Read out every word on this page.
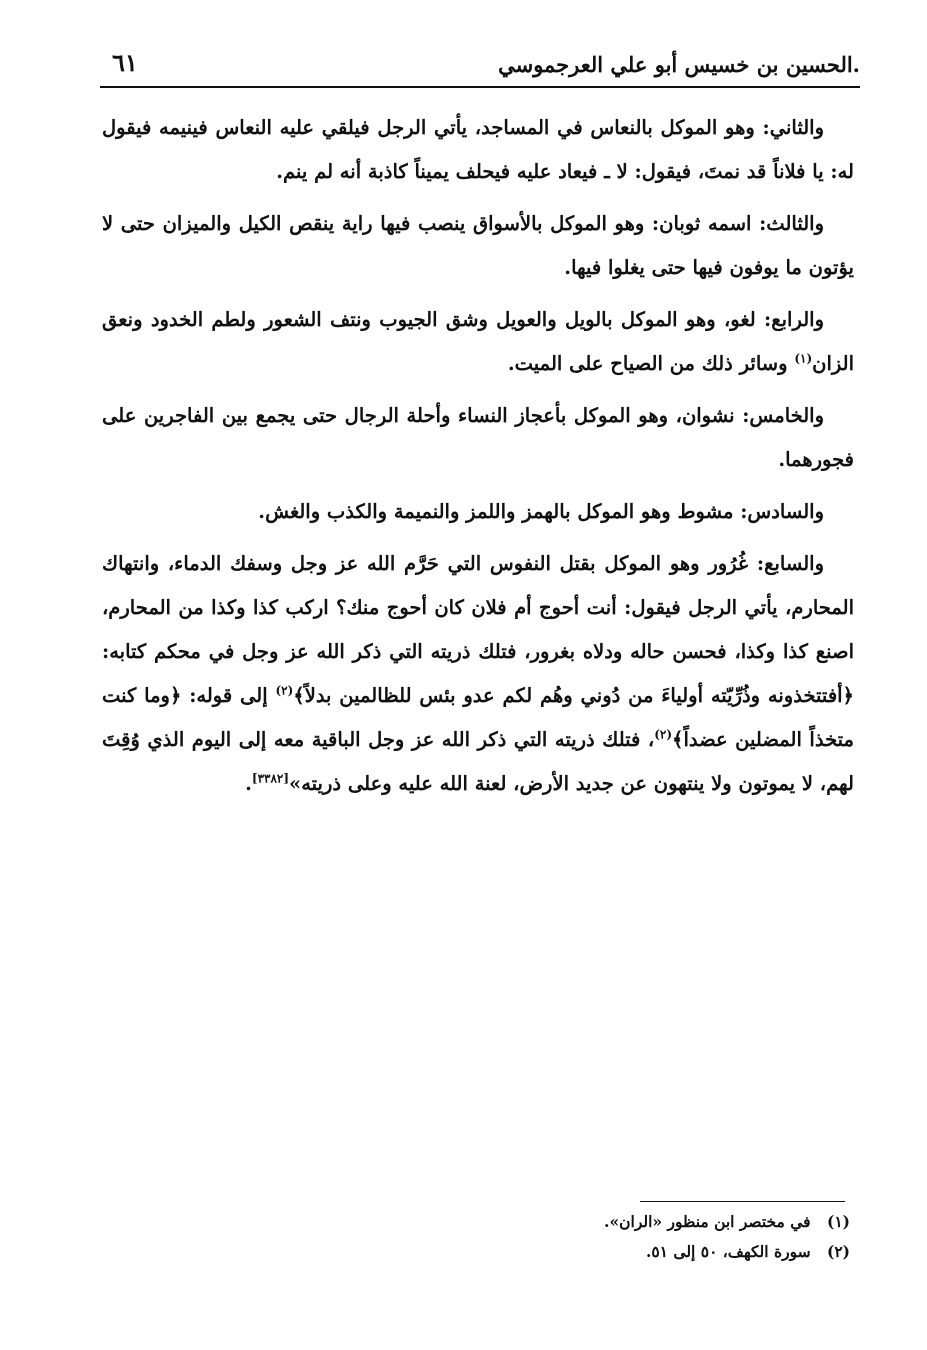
.الحسين بن خسيس أبو علي العرجموسي
٦١

والثاني: وهو الموكل بالنعاس في المساجد، يأتي الرجل فيلقي عليه النعاس فينيمه فيقول له: يا فلاناً قد نمتَ، فيقول: لا ـ فيعاد عليه فيحلف يميناً كاذبة أنه لم ينم.

والثالث: اسمه ثوبان: وهو الموكل بالأسواق ينصب فيها راية ينقص الكيل والميزان حتى لا يؤتون ما يوفون فيها حتى يغلوا فيها.

والرابع: لغو، وهو الموكل بالويل والعويل وشق الجيوب ونتف الشعور ولطم الخدود ونعق الزان$^{(١)}$ وسائر ذلك من الصياح على الميت.

والخامس: نشوان، وهو الموكل بأعجاز النساء وأحلة الرجال حتى يجمع بين الفاجرين على فجورهما.

والسادس: مشوط وهو الموكل بالهمز واللمز والنميمة والكذب والغش.

والسابع: غُرُور وهو الموكل بقتل النفوس التي حَرَّم الله عز وجل وسفك الدماء، وانتهاك المحارم، يأتي الرجل فيقول: أنت أحوج أم فلان كان أحوج منك؟ اركب كذا وكذا من المحارم، اصنع كذا وكذا، فحسن حاله ودلاه بغرور، فتلك ذريته التي ذكر الله عز وجل في محكم كتابه: ﴿أفتتخذونه وذُرِّيّته أولياءَ من دُوني وهُم لكم عدو بئس للظالمين بدلاً﴾$^{(٢)}$ إلى قوله: ﴿وما كنت متخذاً المضلين عضداً﴾$^{(٢)}$، فتلك ذريته التي ذكر الله عز وجل الباقية معه إلى اليوم الذي وُقِتَ لهم، لا يموتون ولا ينتهون عن جديد الأرض، لعنة الله عليه وعلى ذريته»[٣٣٨٢].

(١) في مختصر ابن منظور «الران».
(٢) سورة الكهف، ٥٠ إلى ٥١.
